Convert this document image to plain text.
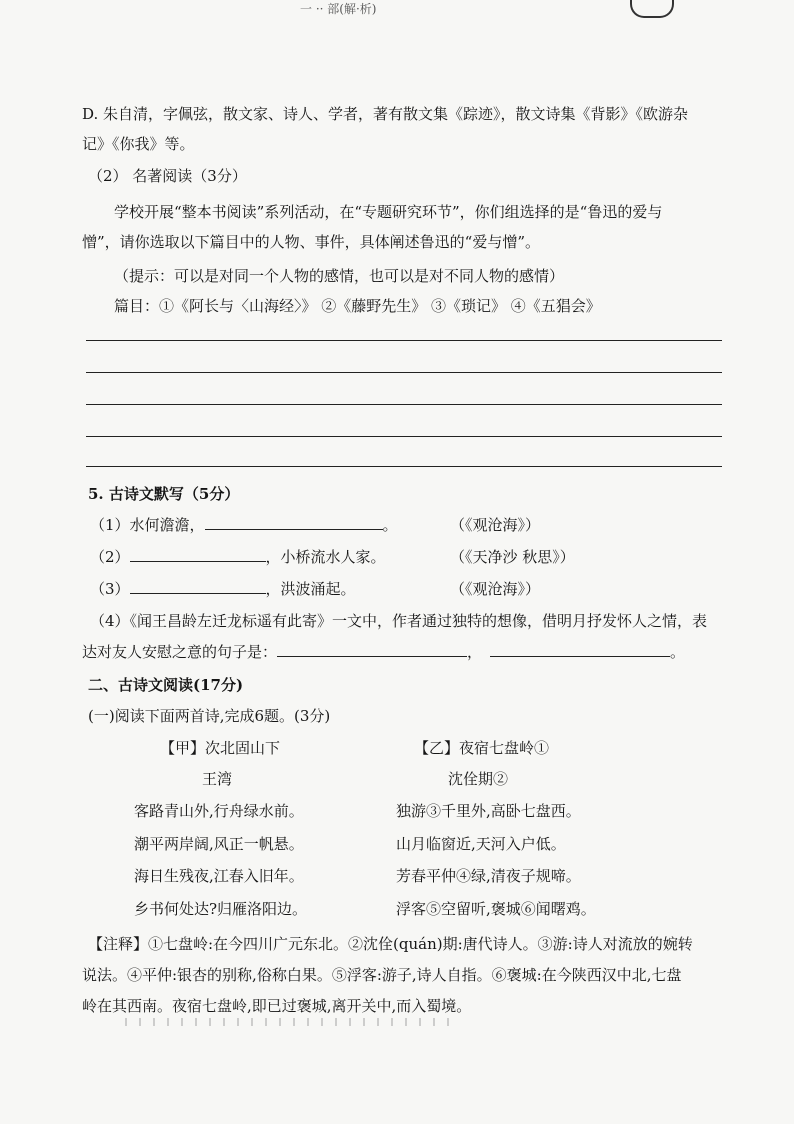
一 ·· 部(解·析)
D. 朱自清，字佩弦，散文家、诗人、学者，著有散文集《踪迹》，散文诗集《背影》《欧游杂
记》《你我》等。
（2） 名著阅读（3分）
学校开展“整本书阅读”系列活动，在“专题研究环节”，你们组选择的是“鲁迅的爱与
憎”，请你选取以下篇目中的人物、事件，具体阐述鲁迅的“爱与憎”。
（提示：可以是对同一个人物的感情，也可以是对不同人物的感情）
篇目：①《阿长与〈山海经〉》 ②《藤野先生》 ③《琐记》 ④《五猖会》
5. 古诗文默写（5分）
（1）水何澹澹，	。	（《观沧海》）
（2）	，小桥流水人家。	（《天净沙 秋思》）
（3）	，洪波涌起。	（《观沧海》）
（4）《闻王昌龄左迁龙标遥有此寄》一文中，作者通过独特的想像，借明月抒发怀人之情，表
达对友人安慰之意的句子是：	，	。
二、古诗文阅读(17分)
(一)阅读下面两首诗,完成6题。(3分)
【甲】次北固山下
王湾
客路青山外,行舟绿水前。
潮平两岸阔,风正一帆悬。
海日生残夜,江春入旧年。
乡书何处达?归雁洛阳边。
【乙】夜宿七盘岭①
沈佺期②
独游③千里外,高卧七盘西。
山月临窗近,天河入户低。
芳春平仲④绿,清夜子规啼。
浮客⑤空留听,褒城⑥闻曙鸡。
【注释】①七盘岭:在今四川广元东北。②沈佺(quán)期:唐代诗人。③游:诗人对流放的婉转
说法。④平仲:银杏的别称,俗称白果。⑤浮客:游子,诗人自指。⑥褒城:在今陕西汉中北,七盘
岭在其西南。夜宿七盘岭,即已过褒城,离开关中,而入蜀境。
